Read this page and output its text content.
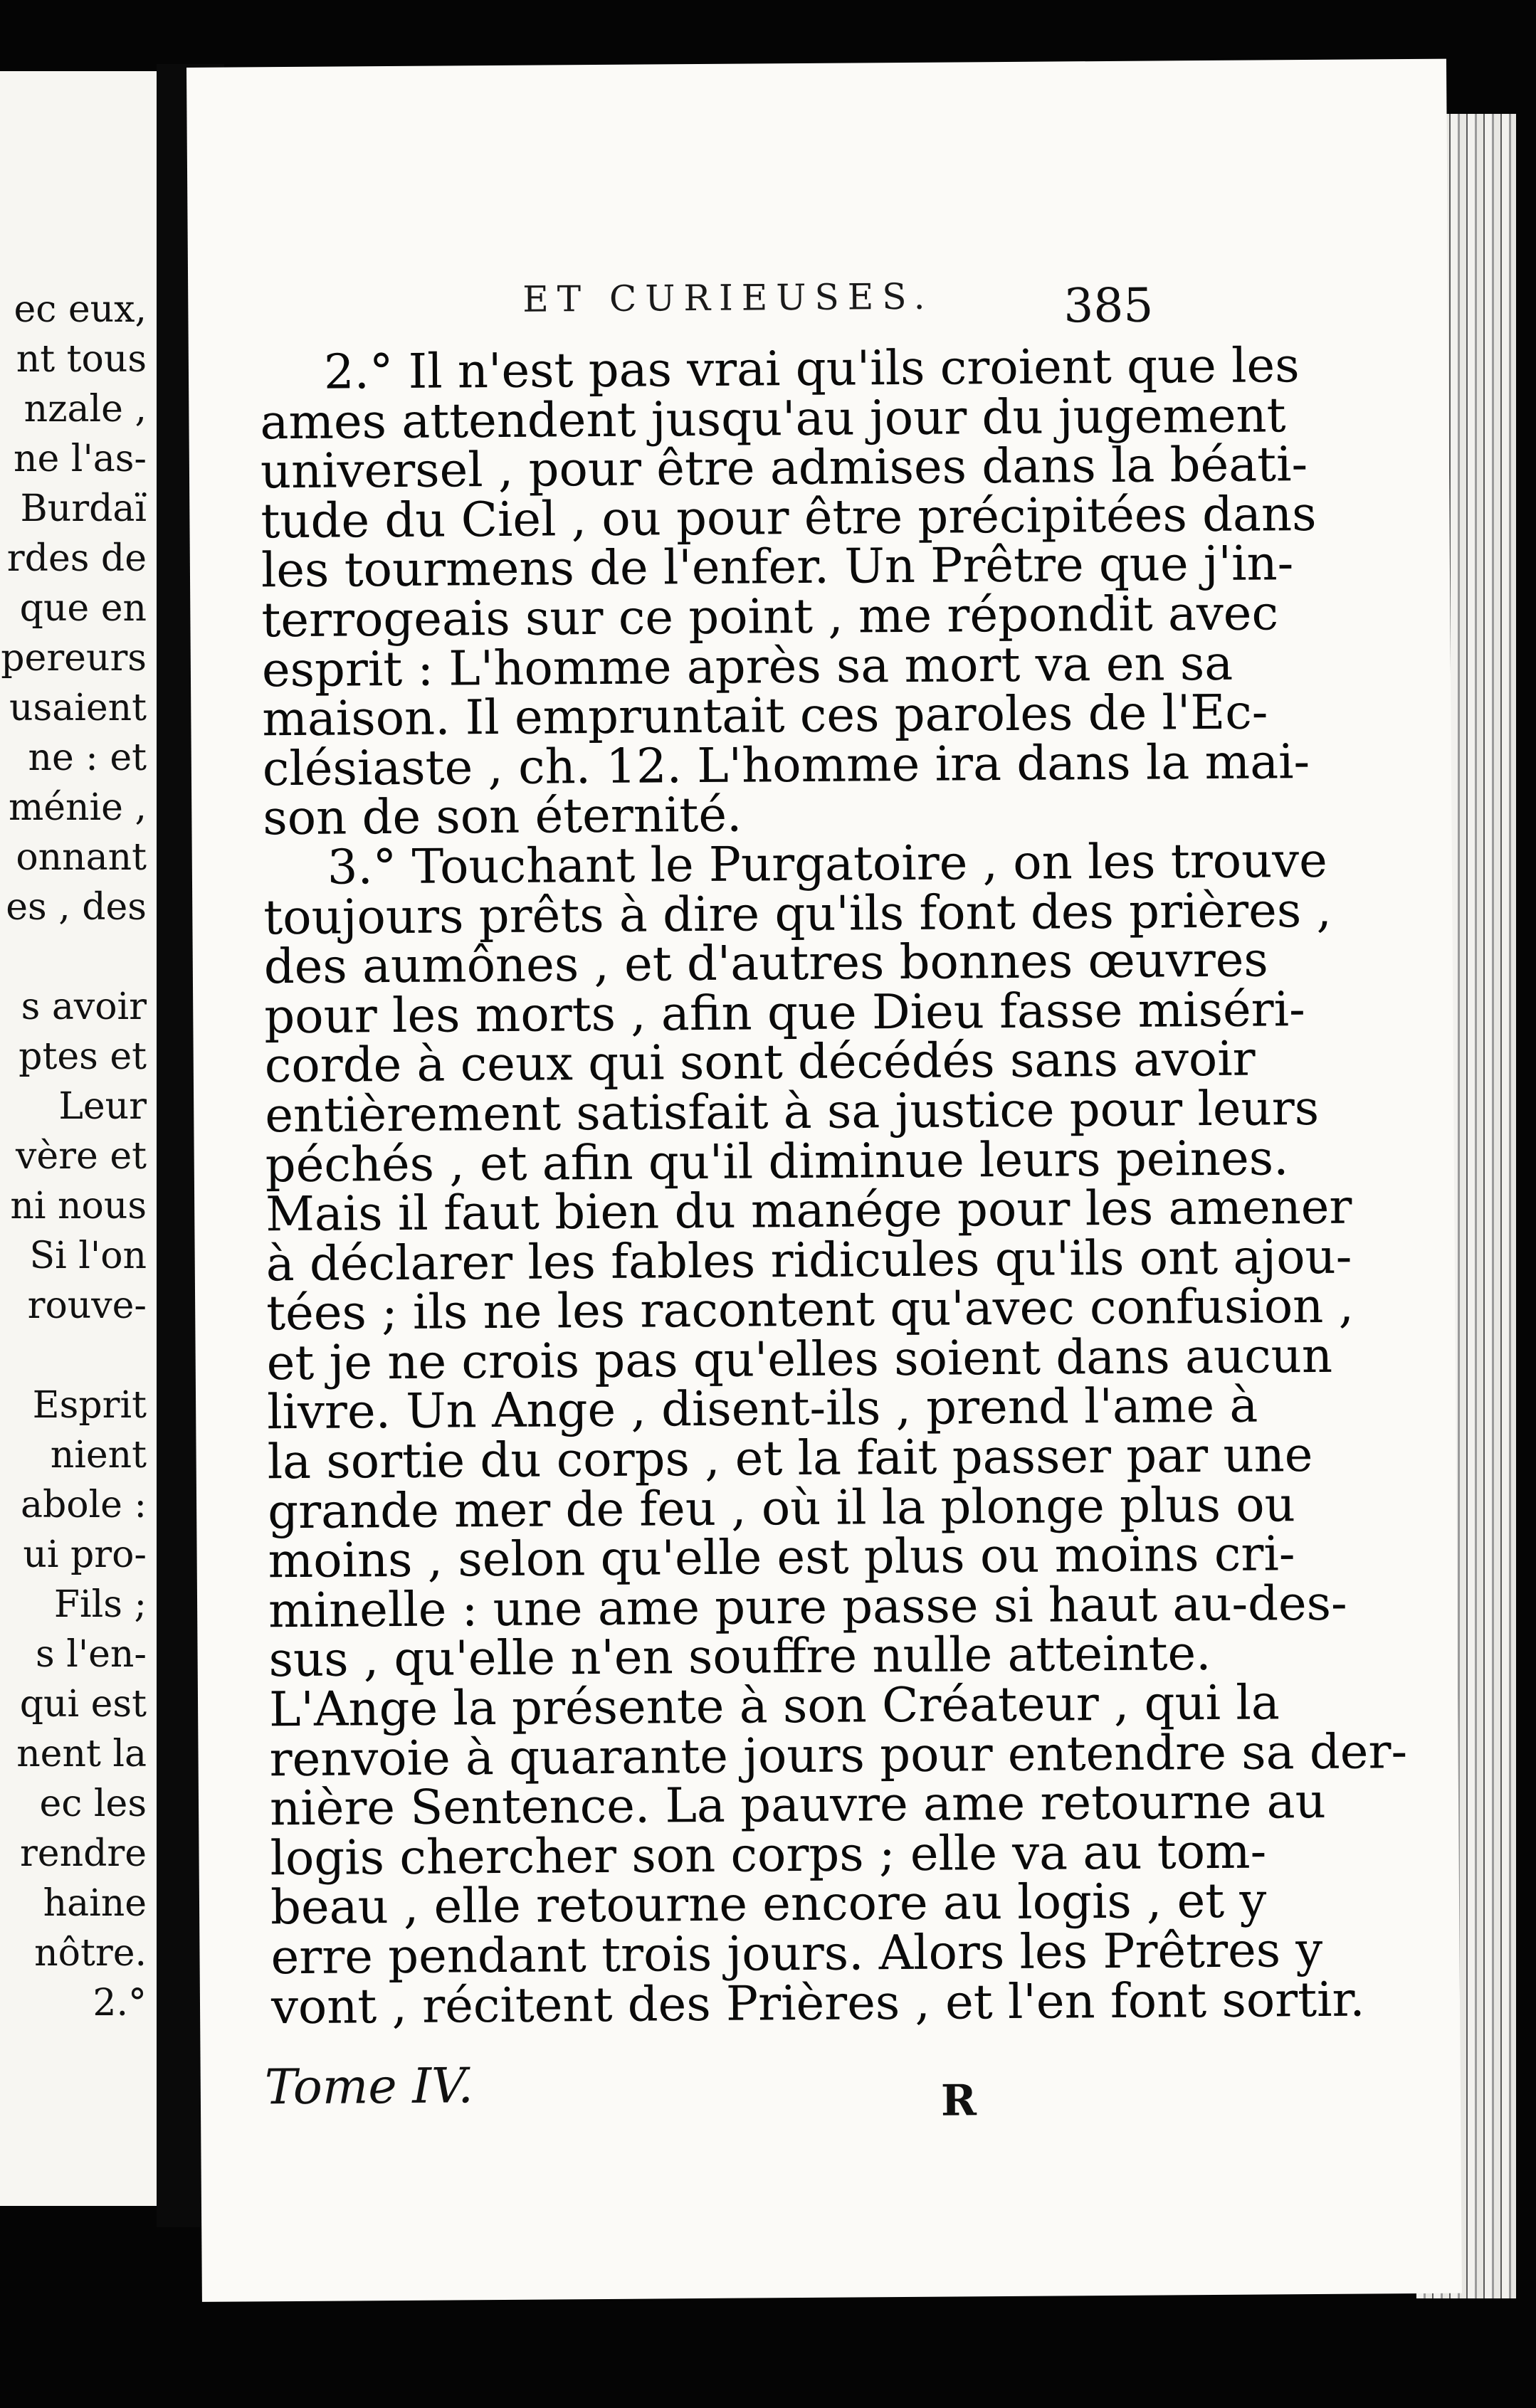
ec eux,
nt tous
nzale ,
ne l'as-
Burdaï
rdes de
que en
pereurs
usaient
ne : et
ménie ,
onnant
es , des
s avoir
ptes et
Leur
vère et
ni nous
Si l'on
rouve-
Esprit
nient
abole :
ui pro-
Fils ;
s l'en-
qui est
nent la
ec les
rendre
haine
nôtre.
2.°
ET CURIEUSES.	385
2.° Il n'est pas vrai qu'ils croient que les
ames attendent jusqu'au jour du jugement
universel , pour être admises dans la béati-
tude du Ciel , ou pour être précipitées dans
les tourmens de l'enfer. Un Prêtre que j'in-
terrogeais sur ce point , me répondit avec
esprit : L'homme après sa mort va en sa
maison. Il empruntait ces paroles de l'Ec-
clésiaste , ch. 12. L'homme ira dans la mai-
son de son éternité.
3.° Touchant le Purgatoire , on les trouve
toujours prêts à dire qu'ils font des prières ,
des aumônes , et d'autres bonnes œuvres
pour les morts , afin que Dieu fasse miséri-
corde à ceux qui sont décédés sans avoir
entièrement satisfait à sa justice pour leurs
péchés , et afin qu'il diminue leurs peines.
Mais il faut bien du manége pour les amener
à déclarer les fables ridicules qu'ils ont ajou-
tées ; ils ne les racontent qu'avec confusion ,
et je ne crois pas qu'elles soient dans aucun
livre. Un Ange , disent-ils , prend l'ame à
la sortie du corps , et la fait passer par une
grande mer de feu , où il la plonge plus ou
moins , selon qu'elle est plus ou moins cri-
minelle : une ame pure passe si haut au-des-
sus , qu'elle n'en souffre nulle atteinte.
L'Ange la présente à son Créateur , qui la
renvoie à quarante jours pour entendre sa der-
nière Sentence. La pauvre ame retourne au
logis chercher son corps ; elle va au tom-
beau , elle retourne encore au logis , et y
erre pendant trois jours. Alors les Prêtres y
vont , récitent des Prières , et l'en font sortir.
Tome IV.	R
